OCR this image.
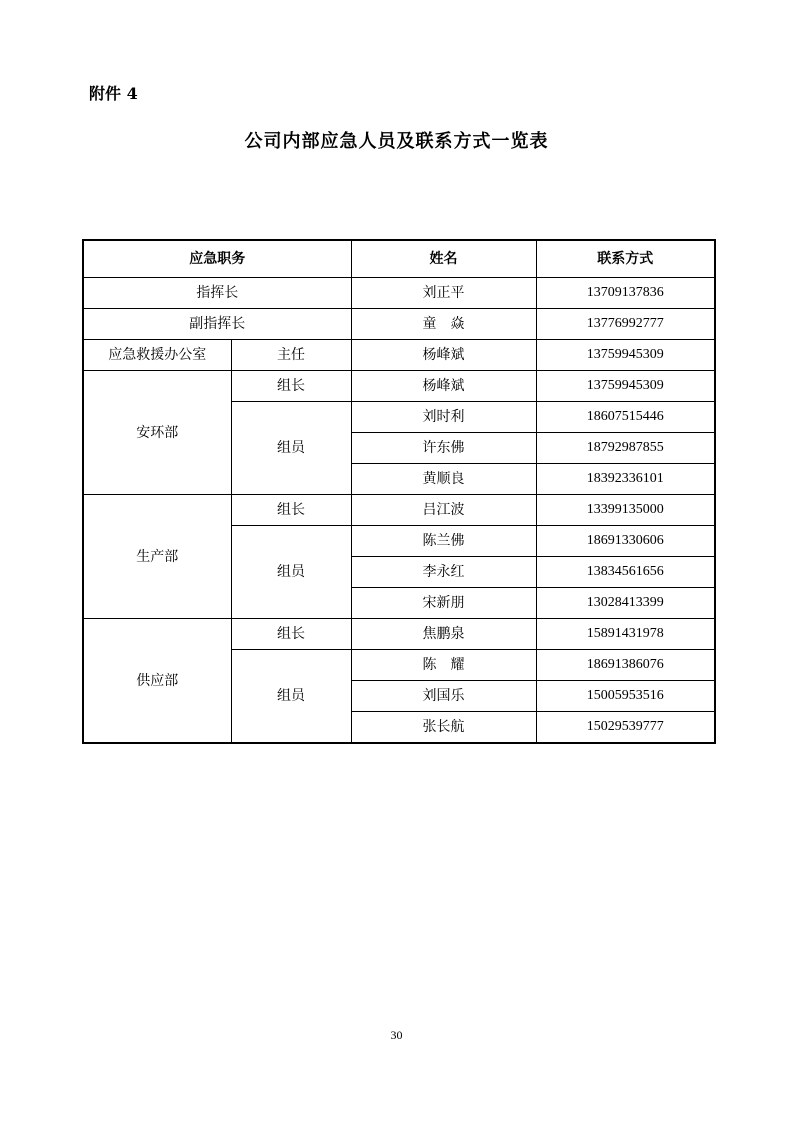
附件 4
公司内部应急人员及联系方式一览表
应急职务		姓名	联系方式
指挥长		刘正平	13709137836
副指挥长		童　焱	13776992777
应急救援办公室	主任	杨峰斌	13759945309
安环部	组长	杨峰斌	13759945309
	组员	刘时利	18607515446
		许东佛	18792987855
		黄顺良	18392336101
生产部	组长	吕江波	13399135000
	组员	陈兰佛	18691330606
		李永红	13834561656
		宋新朋	13028413399
供应部	组长	焦鹏泉	15891431978
	组员	陈　耀	18691386076
		刘国乐	15005953516
		张长航	15029539777
30
